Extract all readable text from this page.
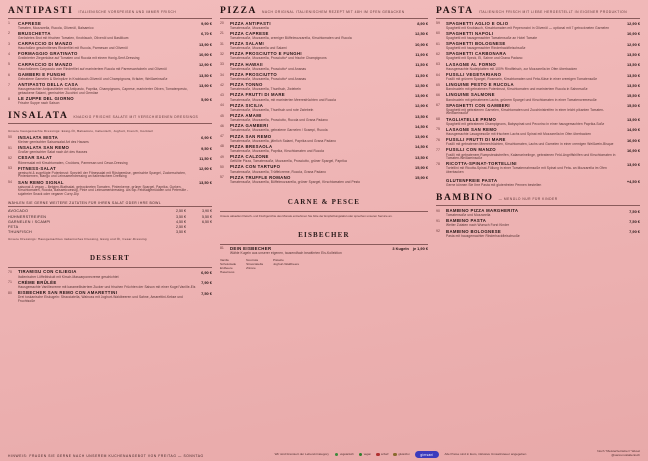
ANTIPASTI ITALIENISCHE VORSPEISEN UND IMMER FRISCH
1	CAPRESE
Tomaten, Mozzarella, Rucola, Olivenöl, Balsamico
9,90 €
2	BRUSCHETTA
Geröstetes Brot mit frischen Tomaten, Knoblauch, Olivenöl und Basilikum
6,70 €
3	CARPACCIO DI MANZO
Hauchdünn geschnittenes Rinderfilet mit Rucola, Parmesan und Olivenöl
13,90 €
4	FORMAGGIO GRATINATO
Gratinierter Ziegenkäse auf Tomaten und Rucola mit einem Honig-Senf-Dressing
10,90 €
5	CARPACCIO DI MANZO
Hauchdünnes Carpaccio vom Rinderfilet auf mariniertem Rucola mit Parmesanhobeln und Olivenöl
12,90 €
6	GAMBERI E FUNGHI
Gebratene Garnelen & Steinpilze in Knoblauch-Olivenöl und Champignons, Kräuter, Weißweinsoße
13,50 €
7	ANTIPASTO DELLA CASA
Hausgemachter Antipastiteller mit Antipasto, Paprika, Champignons, Caprese, marinierter Oliven, Tomatenpesto, gebackene Salami, gemischter Zucchini und Gemüse
13,90 €
8	LE ZUPPE DEL GIORNO
Frische Suppe nach Saison
5,90 €
INSALATA KNACKIG FRISCHE SALATE MIT VERSCHIEDENEN DRESSINGS
Unsere hausgemachte Dressings: Essig-Öl, Balsamico, Italienisch, Joghurt, French, Cocktail
50	INSALATA MISTA
Kleiner gemischter Saisonsalat Art des Hauses
6,90 €
51	INSALATA SAN REMO
Großer gemischter Salat nach Art des Hauses
9,50 €
52	CESAR SALAT
Römersalat mit Kirschtomaten, Croûtons, Parmesan und Cesar-Dressing
11,50 €
53	FITNESS-SALAT
gemischt & zugefügte Putenbrust: Speziell der Fitnessalat mit Röstgemüse, gemischte Spargel, Zuckerschoten, Pinienkernen, Mango und Leinsamendressing an italienischem Dressing
12,90 €
54	SAN REMO SIGNAL
saisonal & vegan – Belgien-Blattsalat, getrockneten Tomaten, Pinienkerne, grüner Spargel, Paprika, Gurken, Kirschtomaten, Rucola, Balsamicoessig, Pinie und Leinsamendressing. Als top-Feldsalgemüdden und Petersilie - sojafreier Snack oder veganer Curry-Dip
13,50 €
WÄHLEN SIE GERNE WEITERE ZUTATEN FÜR IHREN SALAT ODER IHRE BOWL
AVOCADO	2,50 €	3,90 €
HÜHNERSTREIFEN	3,50 €	5,50 €
GARNELEN / SCAMPI	4,50 €	6,50 €
FETA	2,50 €
THUNFISCH	3,50 €
Unsere Dressings: Hausgemachtes italienisches Dressing, Essig und Öl, Cesar-Dressing
DESSERT
70	TIRAMISU CON CILIEGIA
Italienischer Löffelbiskuit mit Kirsch-Mascarponecreme geschichtet
6,90 €
71	CRÈME BRÛLÉE
Hausgemachte Vanillecreme mit karamellisiertem Zucker und frischen Früchten der Saison mit einer Kugel Vanille-Eis
7,90 €
80	EISBECHER SAN REMO CON AMARETTINI
Drei toskanische Eiskugeln: Stracciatella, Walnuss mit Joghurt-Waldbeeren und Sahne, Amarettini-Kekse und Fruchtsoße
7,50 €
PIZZA NACH ORIGINAL ITALIENISCHEM REZEPT MIT 48H IM OFEN GEBACKEN
20	PIZZA ANTIPASTI
Tomatensoße, Mozzarella
8,90 €
21	PIZZA CAPRESE
Tomatensoße, Mozzarella, cremiger Büffelmozzarella, Kirschtomaten und Rucola
12,50 €
31	PIZZA SALAMI
Tomatensoße, Mozzarella und Salami
10,90 €
32	PIZZA PROSCIUTTO E FUNGHI
Tomatensoße, Mozzarella, Prosciutto* und frische Champignons
11,90 €
33	PIZZA HAWAII
Tomatensoße, Mozzarella, Prosciutto* und Ananas
11,50 €
34	PIZZA PROSCIUTTO
Tomatensoße, Mozzarella, Prosciutto* und Ananas
11,50 €
42	PIZZA TONNO
Tomatensoße, Mozzarella, Thunfisch, Zwiebeln
12,50 €
43	PIZZA FRUTTI DI MARE
Tomatensoße, Mozzarella, mit marinierten Meeresfrüchten und Rucola
13,90 €
44	PIZZA SICILIA
Tomatensoße, Mozzarella, Thunfisch und rote Zwiebeln
12,90 €
45	PIZZA AMAMI
Tomatensoße, Mozzarella, Prosciutto, Rucola und Grana Padano
13,50 €
46	PIZZA GAMBERI
Tomatensoße, Mozzarella, gebratene Garnelen / Scampi, Rucola
14,50 €
47	PIZZA SAN REMO
Tomatensoße, Mozzarella, jährlich Salami, Paprika und Grana Padano
13,90 €
48	PIZZA BRESAOLA
Tomatensoße, Mozzarella, Paprika, Kirschtomaten und Rucola
14,50 €
49	PIZZA CALZONE
Gefüllte Pizza, Tomatensoße, Mozzarella, Prosciutto, grüner Spargel, Paprika
13,50 €
50	PIZZA CON TARTUFO
Tomatensoße, Mozzarella, Trüffelcreme, Rucola, Grana Padano
15,90 €
57	PIZZA TRUFFLE ROMANO
Tomatensoße, Mozzarella, Büffelmozzarella, grüner Spargel, Kirschtomaten und Pesto
15,90 €
CARNE & PESCE
Unsere aktuellen Fleisch- und Fischgerichte des Monats entnehmen Sie bitte der Empfehlungstafel oder sprechen unseren Service an.
EISBECHER
81	DEIN EISBECHER
Wähle Kugeln aus unserer eigenen, tausendfach bewährten Eis-Kollektion
3 Kugeln je 1,90 €
Vanille
Schokolade
Erdbeere
Haselnuss
Nocciola
Stracciatella
Zitrone
Pistazie
Joghurt-Waldbeere
PASTA ITALIENISCH FRISCH MIT LIEBE HERGESTELLT IN EIGENER PRODUKTION
59	SPAGHETTI AGLIO E OLIO
Spaghetti mit Knoblauch, Kirschtomaten mit Peperoncini in Olivenöl — optional mit 7 getrockneten Garnelen
12,90 €
60	SPAGHETTI NAPOLI
Spaghetti mit hausgemachter Tomatensoße an Hotel Tomate
10,90 €
61	SPAGHETTI BOLOGNESE
Spaghetti mit hausgemachter Rinderhackfleischsoße
12,90 €
62	SPAGHETTI CARBONARA
Spaghetti mit Speck, Ei, Sahne und Grana Padano
13,50 €
63	LASAGNE AL FORNO
Hausgemachte Nudelplatten mit 100% Rindfleisch, zur Mozzarella im Ofen überbacken
13,50 €
64	FUSILLI VEGETARIANO
Fusilli mit grünem Spargel, Rosmarin, Kirschtomaten und Feta-Käse in einer cremigen Tomatensoße
13,50 €
65	LINGUINE PESTO E RUCOLA
Bandnudeln mit gebratenen Putenbrust, Kirschtomaten und mariniertem Rucola in Sahnesoße
13,50 €
66	LINGUINE SALMONE
Bandnudeln mit gebratenem Lachs, grünem Spargel und Kirschtomaten in einer Tomatencremesoße
15,50 €
67	SPAGHETTI CON GAMBERI
Spaghetti mit gebratenen Garnelen, Kirschtomaten und Zucchinistreifen in einer leicht pikanten Tomaten-Weißweinsoße
15,50 €
68	TAGLIATELLE PRIMO
Spaghetti mit gebratenen Champignons, Babyspinat und Pecorino in einer hausgemachten Paprika-Soße
13,90 €
75	LASAGNE SAN REMO
Hausgemachte Lasagnesoße mit frischem Lachs und Spinat mit Mozzarella im Ofen überbacken
14,90 €
76	FUSILLI FRUTTI DI MARE
Fusilli mit gebratenen Meeresfrüchten, Kirschtomaten, Lachs und Garnelen in einer cremigen Weißwein-Bisque
16,90 €
77	FUSILLI CON MANZO
Fusilli mit gebratenem Rumpsteakstreifen, Kalamarinelinge, gebratenen Feld-Angriffshilfen und Kirschtomaten in Tomaten-Weißweinsoße
16,90 €
78	RICOTTA-SPINAT-TORTELLINI
Tortellini mit Ricotta-Spinat-Füllung in einer Tomatenrahmsoße mit Spinat und Feta- an Mozzarella im Ofen überbacken
13,90 €
GLUTENFREIE PASTA
Gerne können Sie Ihre Pasta mit glutenfreien Pennen bestellen
+4,50 €
BAMBINO — MENÜLO NUR FÜR KINDER
90	BAMBINO PIZZA MARGHERITA
Tomatensoße und Mozzarella
7,50 €
91	BAMBINO PASTA
Weiter Zutaten nach Wunsch Forst Kinder
7,50 €
92	BAMBINO BOLOGNESE
Pasta mit hausgemachter Rinderhackfleischsoße
7,90 €
HINWEIS: FRAGEN SIE GERNE NACH UNSEREM KUCHENANGEBOT VON FREITAG — SONNTAG
Wir sind lizensiert der Lebend-Category	vegetarisch	vegan	scharf	glutenfrei	gimsani	Alle Preise sind in Euro, inklusive Umsatzsteuer angegeben
Noch "Meisterbetrieben" Wesel
@sanremoitalienisch
